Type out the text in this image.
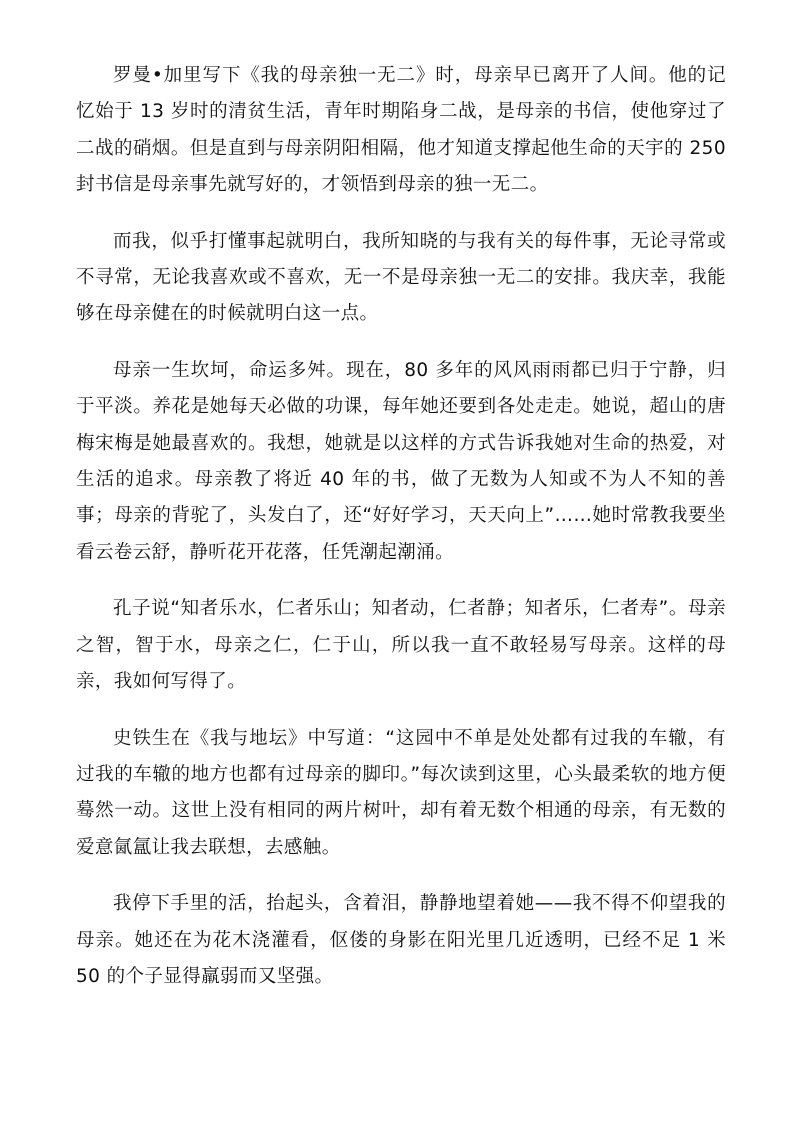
罗曼•加里写下《我的母亲独一无二》时，母亲早已离开了人间。他的记忆始于 13 岁时的清贫生活，青年时期陷身二战，是母亲的书信，使他穿过了二战的硝烟。但是直到与母亲阴阳相隔，他才知道支撑起他生命的天宇的 250 封书信是母亲事先就写好的，才领悟到母亲的独一无二。

而我，似乎打懂事起就明白，我所知晓的与我有关的每件事，无论寻常或不寻常，无论我喜欢或不喜欢，无一不是母亲独一无二的安排。我庆幸，我能够在母亲健在的时候就明白这一点。

母亲一生坎坷，命运多舛。现在，80 多年的风风雨雨都已归于宁静，归于平淡。养花是她每天必做的功课，每年她还要到各处走走。她说，超山的唐梅宋梅是她最喜欢的。我想，她就是以这样的方式告诉我她对生命的热爱，对生活的追求。母亲教了将近 40 年的书，做了无数为人知或不为人不知的善事；母亲的背驼了，头发白了，还“好好学习，天天向上”……她时常教我要坐看云卷云舒，静听花开花落，任凭潮起潮涌。

孔子说“知者乐水，仁者乐山；知者动，仁者静；知者乐，仁者寿”。母亲之智，智于水，母亲之仁，仁于山，所以我一直不敢轻易写母亲。这样的母亲，我如何写得了。

史铁生在《我与地坛》中写道：“这园中不单是处处都有过我的车辙，有过我的车辙的地方也都有过母亲的脚印。”每次读到这里，心头最柔软的地方便蓦然一动。这世上没有相同的两片树叶，却有着无数个相通的母亲，有无数的爱意氤氲让我去联想，去感触。

我停下手里的活，抬起头，含着泪，静静地望着她——我不得不仰望我的母亲。她还在为花木浇灌看，伛偻的身影在阳光里几近透明，已经不足 1 米 50 的个子显得羸弱而又坚强。
